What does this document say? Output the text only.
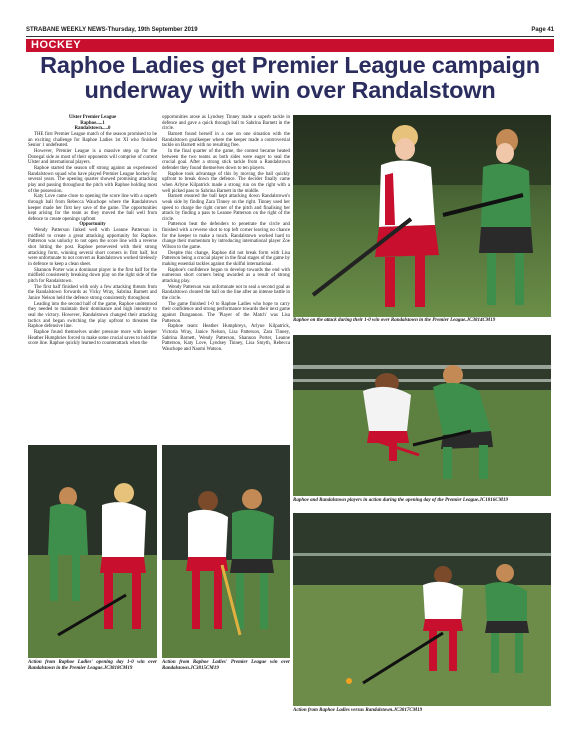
STRABANE WEEKLY NEWS-Thursday, 19th September 2019	Page 41
HOCKEY
Raphoe Ladies get Premier League campaign
underway with win over Randalstown

Ulster Premier League

Raphoe.....1

Randalstown.....0

THE first Premier League match of the season promised to be an exciting challenge for Raphoe Ladies 1st XI who finished Senior 1 undefeated.

However, Premier League is a massive step up for the Donegal side as most of their opponents will comprise of current Ulster and international players.

Raphoe started the season off strong against an experienced Randalstown squad who have played Premier League hockey for several years. The opening quarter showed promising attacking play and passing throughout the pitch with Raphoe holding most of the possession.

Katy Love came close to opening the score line with a superb through ball from Rebecca Wauchope where the Randalstown keeper made her first key save of the game. The opportunities kept arising for the team as they moved the ball well from defence to create openings upfront

Opportunity

Wendy Patterson linked well with Leanne Patterson in midfield to create a great attacking opportunity for Raphoe. Patterson was unlucky to not open the score line with a reverse shot hitting the post. Raphoe persevered with their strong attacking form, winning several short corners in first half, but were unfortunate to not convert as Randalstown worked tirelessly in defence to keep a clean sheet.

Shannon Porter was a dominant player in the first half for the midfield consistently breaking down play on the right side of the pitch for Randalstown.

The first half finished with only a few attacking threats from the Randalstown forwards as Vicky Wray, Sabrina Barnett and Janice Nelson held the defence strong consistently throughout.

Leading into the second half of the game, Raphoe understood they needed to maintain their dominance and high intensity to seal the victory. However, Randalstown changed their attacking tactics and began switching the play upfront to threaten the Raphoe defensive line.

Raphoe found themselves under pressure more with keeper Heather Humphries forced to make some crucial saves to hold the score line. Raphoe quickly learned to counterattack when the

opportunities arose as Lyndsey Tinney made a superb tackle in defence and gave a quick through ball to Sabrina Barnett in the circle.

Barnett found herself in a one on one situation with the Randalstown goalkeeper where the keeper made a controversial tackle on Barnett with no resulting free.

In the final quarter of the game, the contest became heated between the two teams as both sides were eager to seal the crucial goal. After a strong stick tackle from a Randalstown defender they found themselves down to ten players.

Raphoe took advantage of this by moving the ball quickly upfront to break down the defence. The decider finally came when Arlyne Kilpatrick made a strong run on the right with a well picked pass to Sabrina Barnett in the middle.

Barnett ensured the ball kept attacking down Randalstown's weak side by finding Zara Tinney on the right. Tinney used her speed to charge the right corner of the pitch and finalising her attack by finding a pass to Leanne Patterson on the right of the circle.

Patterson beat the defenders to penetrate the circle and finished with a reverse shot to top left corner leaving no chance for the keeper to make a touch. Randalstown worked hard to change their momentum by introducing international player Zoe Wilson to the game.

Despite this change, Raphoe did not break form with Lisa Patterson being a crucial player in the final stages of the game by making essential tackles against the skilful international.

Raphoe's confidence began to develop towards the end with numerous short corners being awarded as a result of strong attacking play.

Wendy Patterson was unfortunate not to seal a second goal as Randalstown cleared the ball on the line after an intense battle in the circle.

The game finished 1-0 to Raphoe Ladies who hope to carry their confidence and strong performance towards their next game against Dungannon. The 'Player of the Match' was Lisa Patterson.

Raphoe team: Heather Humphreys, Arlyne Kilpatrick, Victoria Wray, Janice Nelson, Lisa Patterson, Zara Tinney, Sabrina Barnett, Wendy Patterson, Shannon Porter, Leanne Patterson, Katy Love, Lyndsey Tinney, Lisa Smyth, Rebecca Wauchope and Naomi Watson.

Raphoe on the attack during their 1-0 win over Randalstown in the Premier League.JC3814CM19
Raphoe and Randalstown players in action during the opening day of the Premier League.JC1816CM19
Action from Raphoe Ladies' opening day 1-0 win over Randalstown in the Premier League.JC3818CM19
Action from Raphoe Ladies' Premier League win over Randalstown.JC3815CM19
Action from Raphoe Ladies versus Randalstown.JC3817CM19
